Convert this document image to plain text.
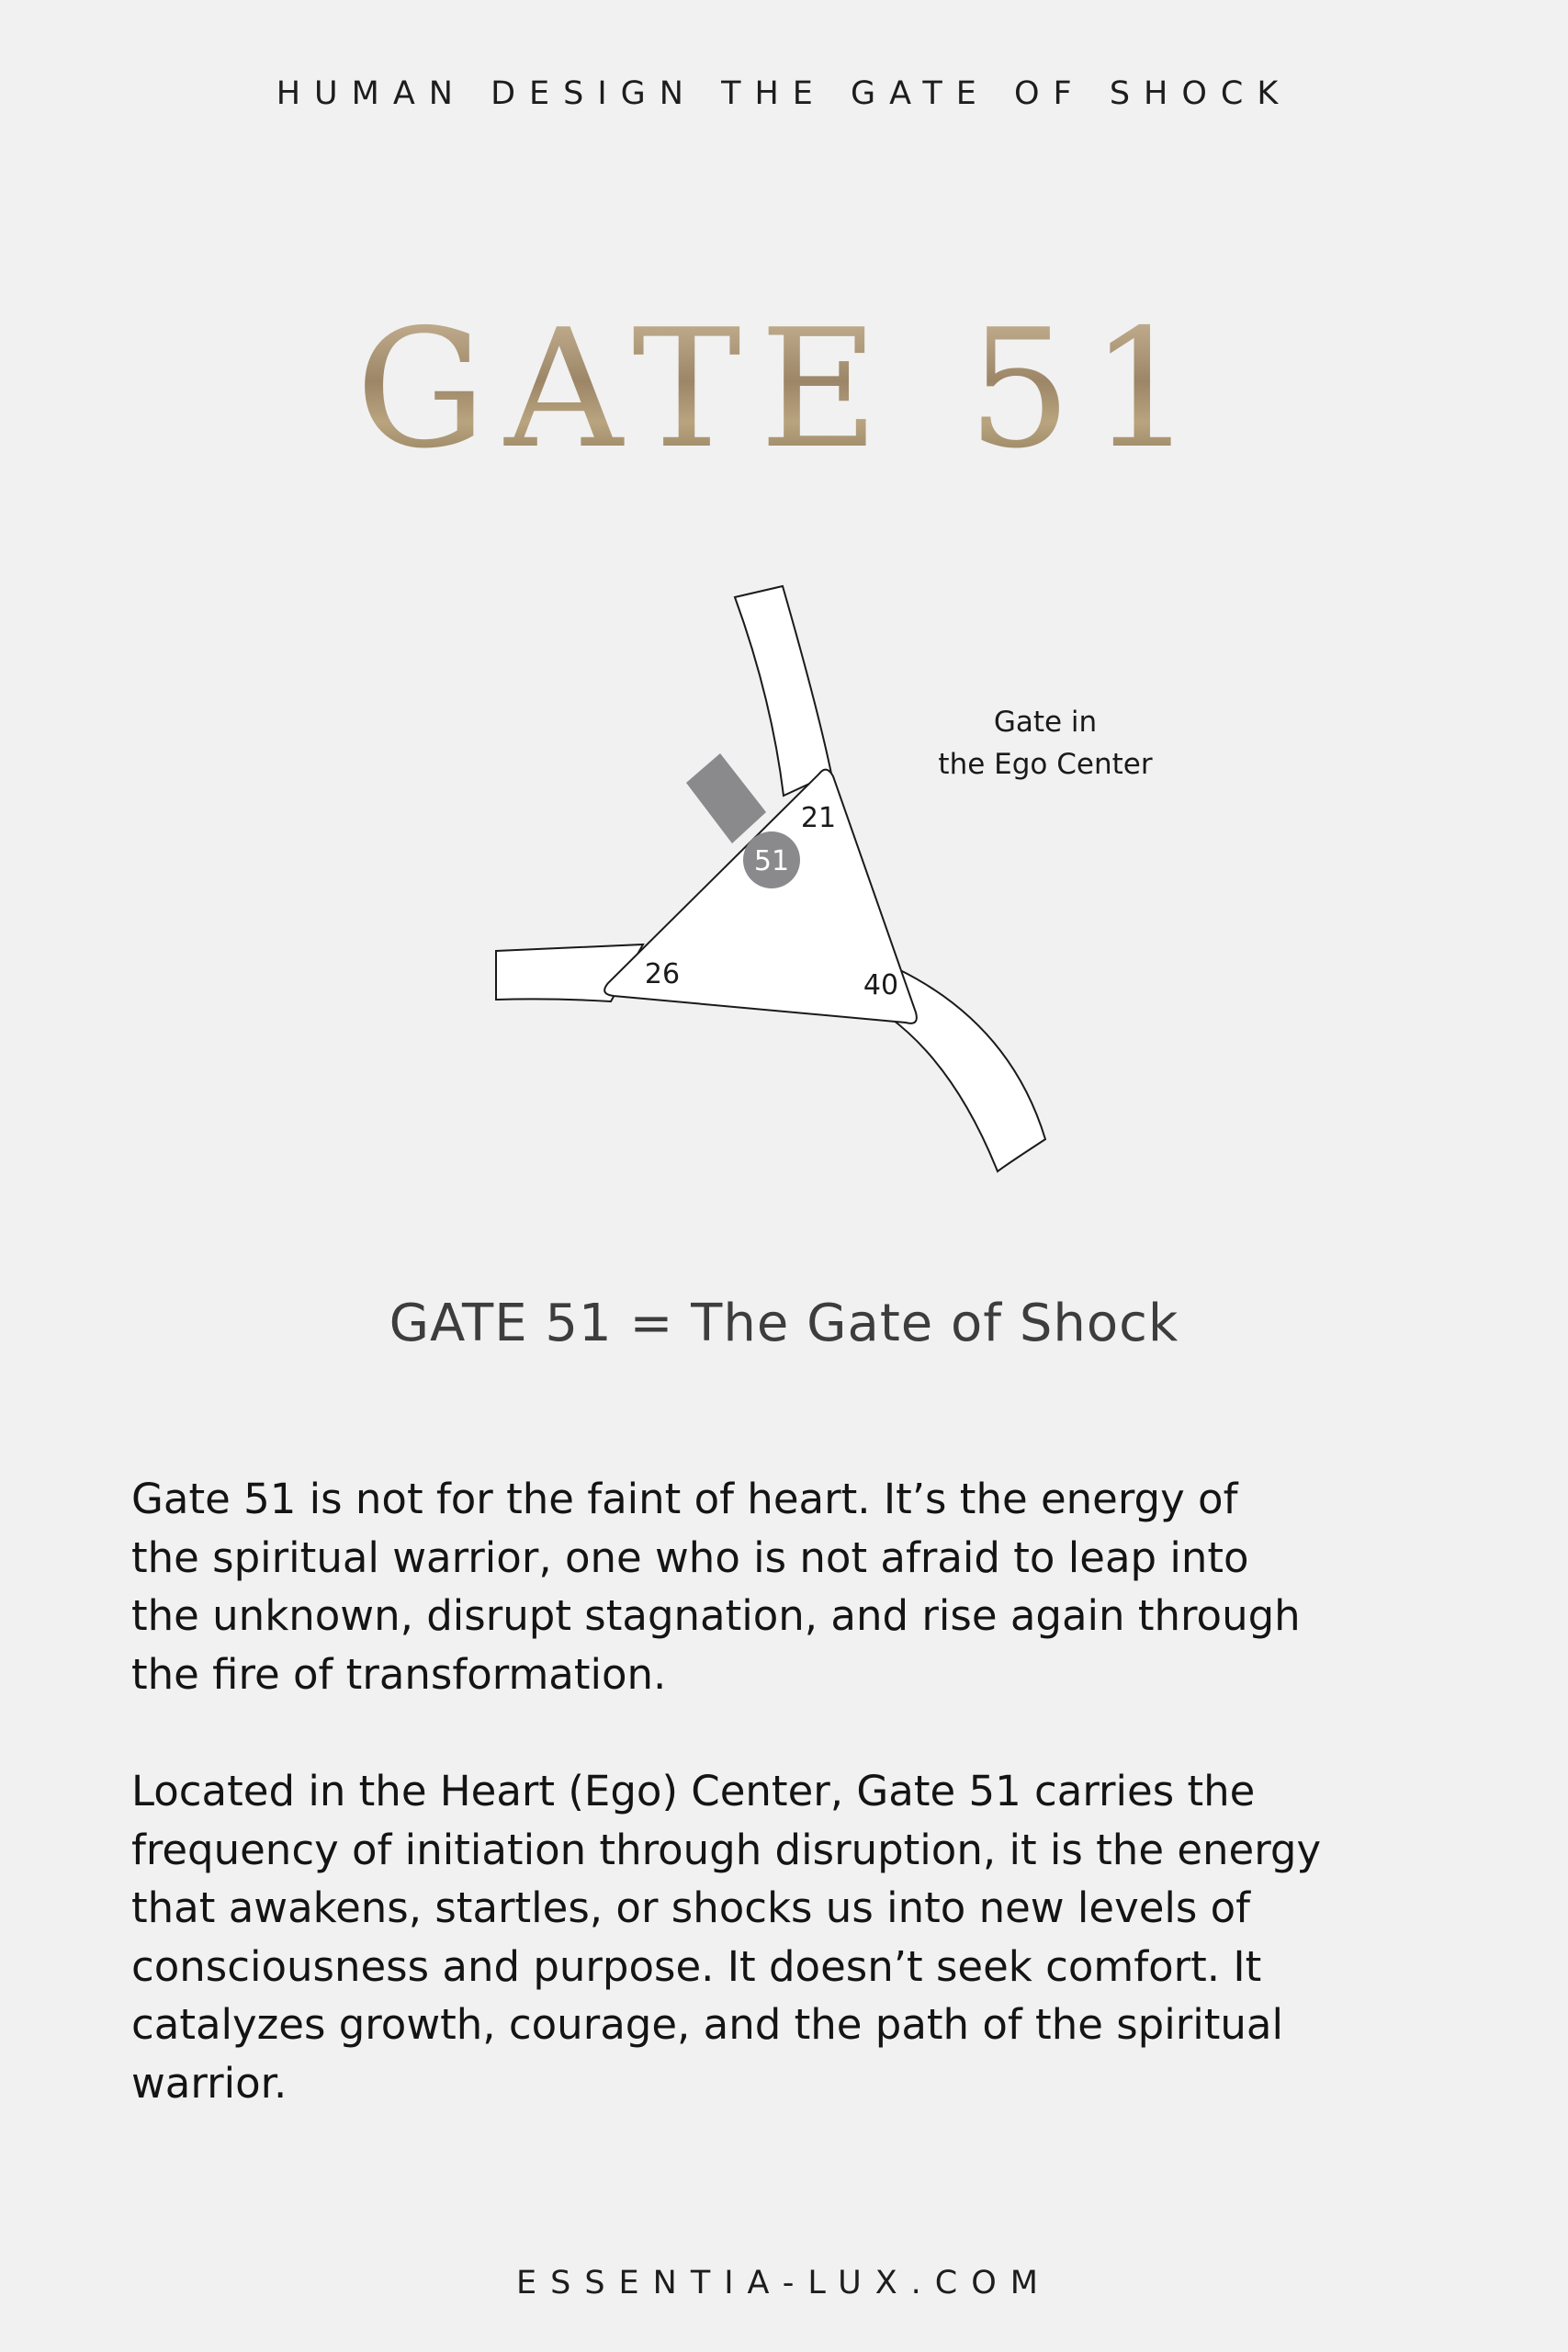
HUMAN DESIGN THE GATE OF SHOCK
GATE 51
51
21
26	40
Gate in
the Ego Center
GATE 51 = The Gate of Shock

Gate 51 is not for the faint of heart. It’s the energy of
the spiritual warrior, one who is not afraid to leap into
the unknown, disrupt stagnation, and rise again through
the fire of transformation.

Located in the Heart (Ego) Center, Gate 51 carries the
frequency of initiation through disruption, it is the energy
that awakens, startles, or shocks us into new levels of
consciousness and purpose. It doesn’t seek comfort. It
catalyzes growth, courage, and the path of the spiritual
warrior.

ESSENTIA-LUX.COM
